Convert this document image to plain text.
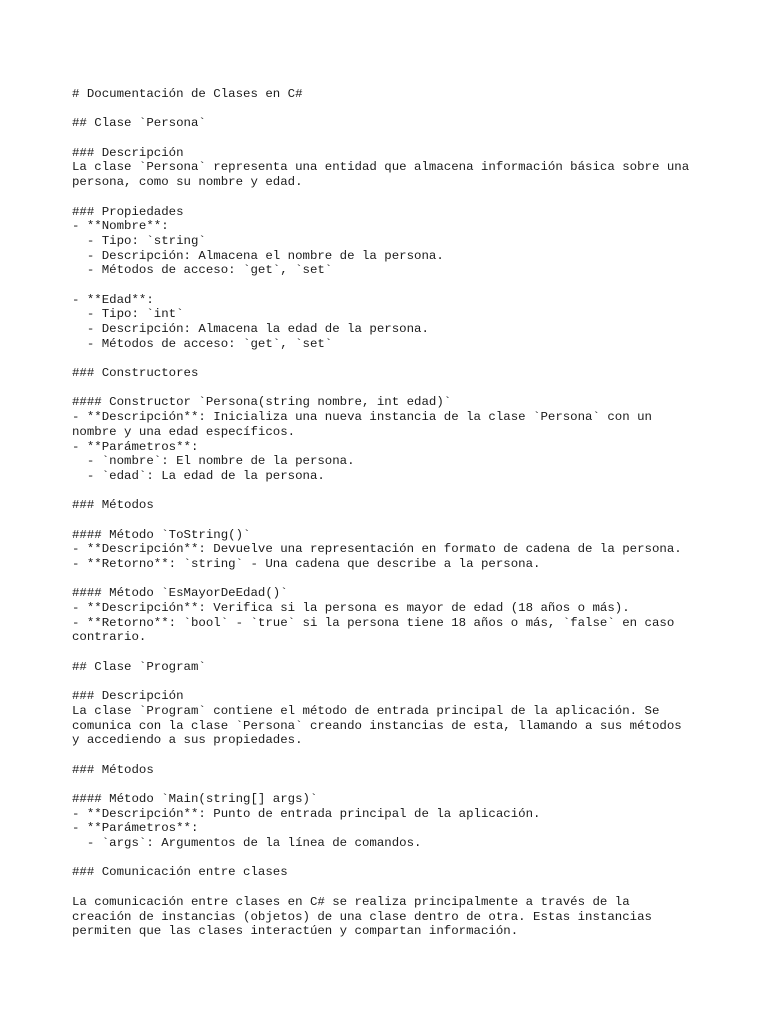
# Documentación de Clases en C#
## Clase `Persona`
### Descripción
La clase `Persona` representa una entidad que almacena información básica sobre una
persona, como su nombre y edad.
### Propiedades
- **Nombre**:
- Tipo: `string`
- Descripción: Almacena el nombre de la persona.
- Métodos de acceso: `get`, `set`
- **Edad**:
- Tipo: `int`
- Descripción: Almacena la edad de la persona.
- Métodos de acceso: `get`, `set`
### Constructores
#### Constructor `Persona(string nombre, int edad)`
- **Descripción**: Inicializa una nueva instancia de la clase `Persona` con un
nombre y una edad específicos.
- **Parámetros**:
- `nombre`: El nombre de la persona.
- `edad`: La edad de la persona.
### Métodos
#### Método `ToString()`
- **Descripción**: Devuelve una representación en formato de cadena de la persona.
- **Retorno**: `string` - Una cadena que describe a la persona.
#### Método `EsMayorDeEdad()`
- **Descripción**: Verifica si la persona es mayor de edad (18 años o más).
- **Retorno**: `bool` - `true` si la persona tiene 18 años o más, `false` en caso
contrario.
## Clase `Program`
### Descripción
La clase `Program` contiene el método de entrada principal de la aplicación. Se
comunica con la clase `Persona` creando instancias de esta, llamando a sus métodos
y accediendo a sus propiedades.
### Métodos
#### Método `Main(string[] args)`
- **Descripción**: Punto de entrada principal de la aplicación.
- **Parámetros**:
- `args`: Argumentos de la línea de comandos.
### Comunicación entre clases
La comunicación entre clases en C# se realiza principalmente a través de la
creación de instancias (objetos) de una clase dentro de otra. Estas instancias
permiten que las clases interactúen y compartan información.
